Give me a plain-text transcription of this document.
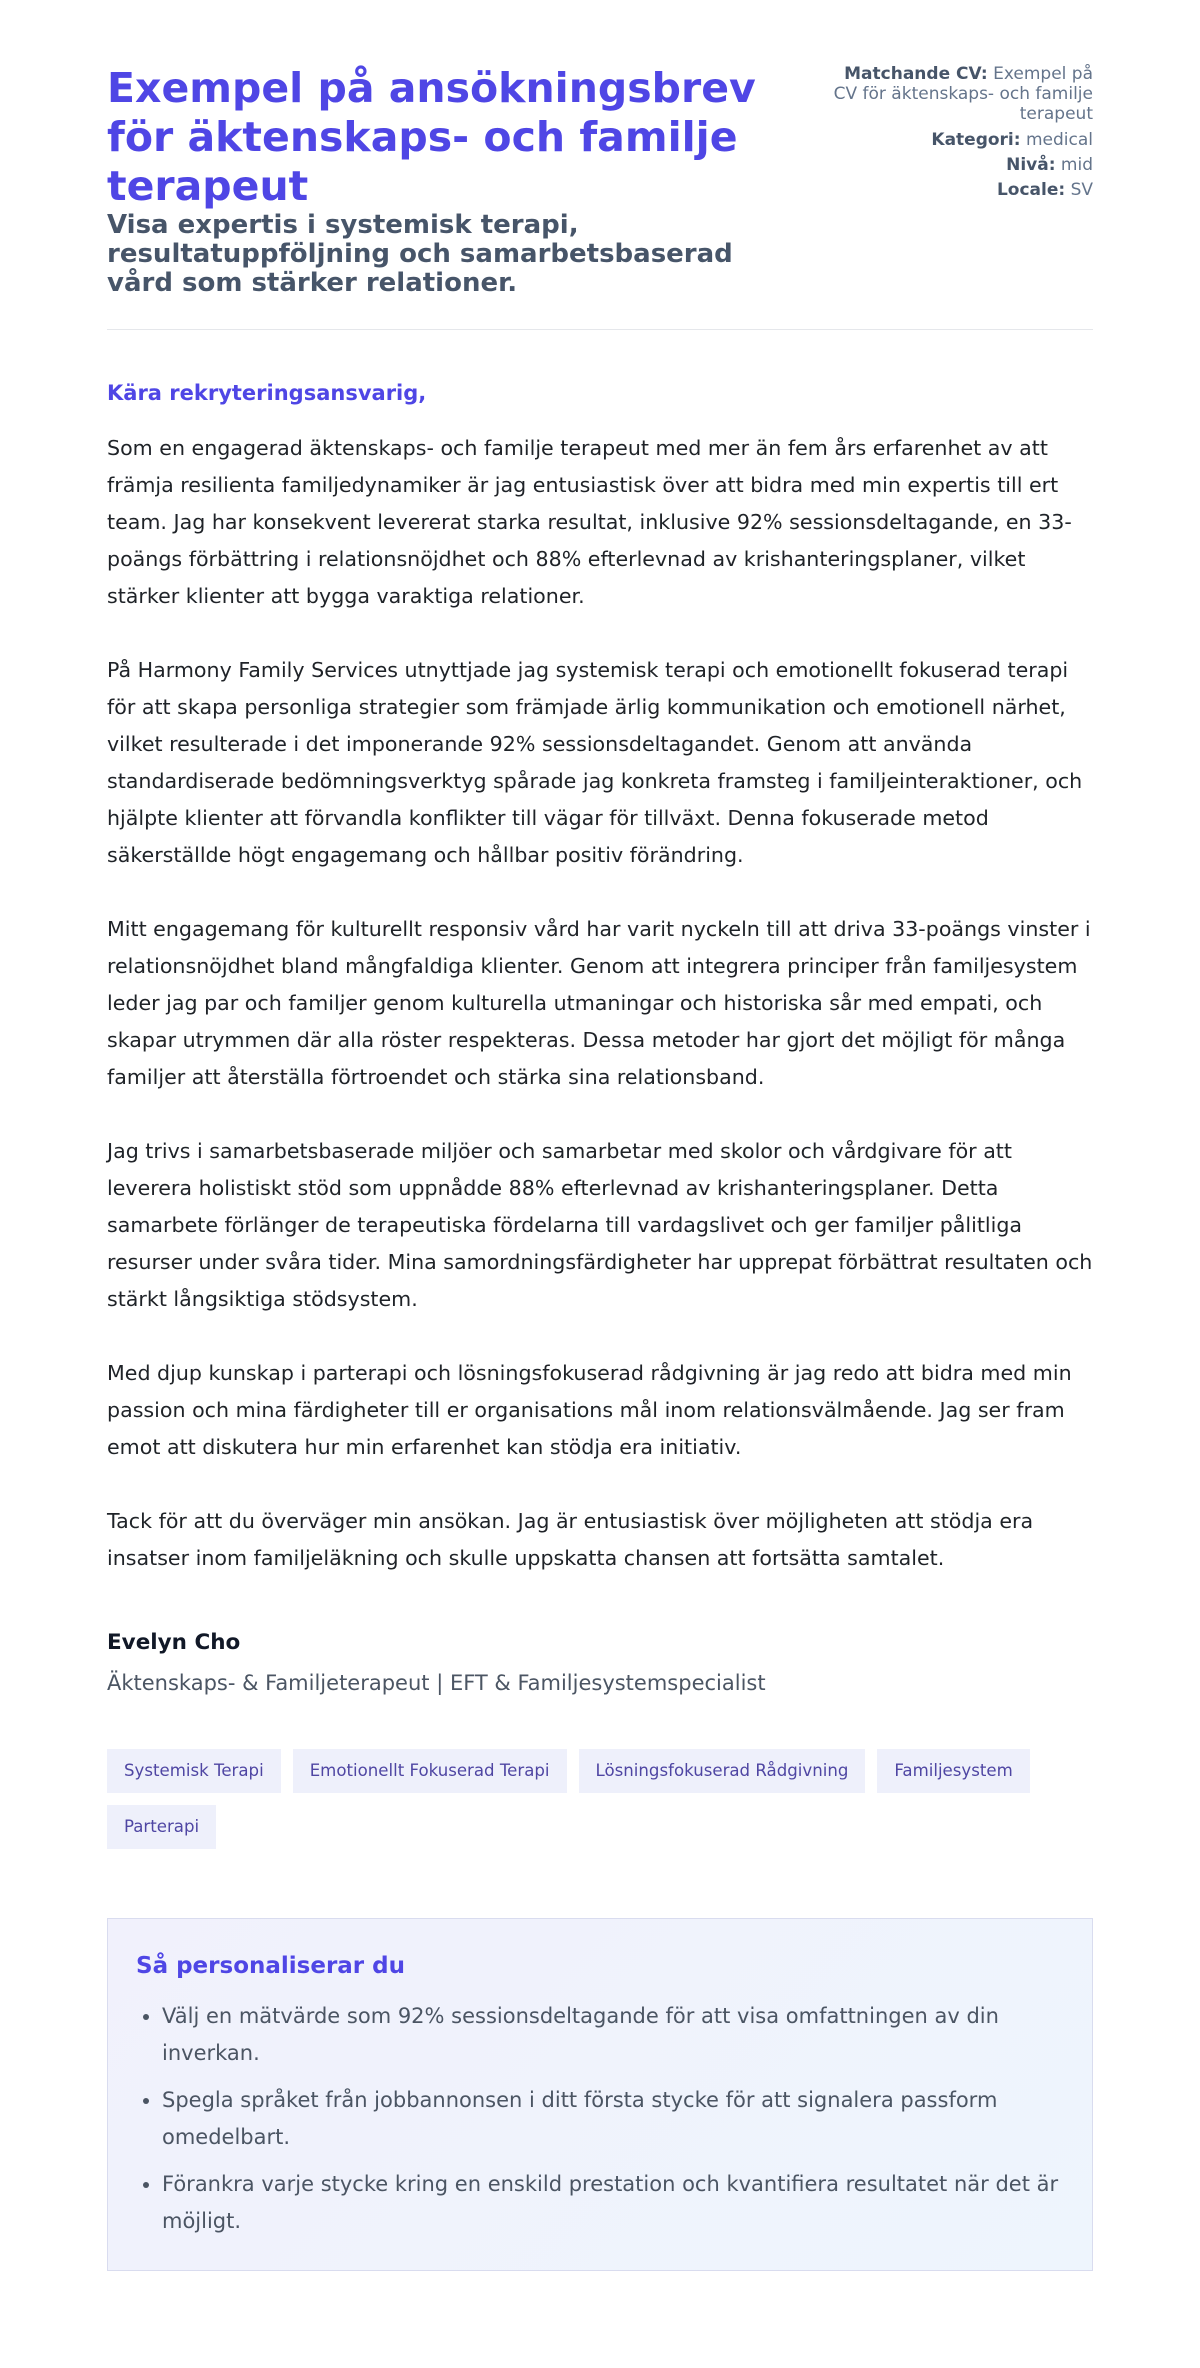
Exempel på ansökningsbrev för äktenskaps- och familje terapeut
Visa expertis i systemisk terapi, resultatuppföljning och samarbetsbaserad vård som stärker relationer.
Matchande CV: Exempel på CV för äktenskaps- och familje terapeut
Kategori: medical
Nivå: mid
Locale: SV

Kära rekryteringsansvarig,

Som en engagerad äktenskaps- och familje terapeut med mer än fem års erfarenhet av att främja resilienta familjedynamiker är jag entusiastisk över att bidra med min expertis till ert team. Jag har konsekvent levererat starka resultat, inklusive 92% sessionsdeltagande, en 33-poängs förbättring i relationsnöjdhet och 88% efterlevnad av krishanteringsplaner, vilket stärker klienter att bygga varaktiga relationer.

På Harmony Family Services utnyttjade jag systemisk terapi och emotionellt fokuserad terapi för att skapa personliga strategier som främjade ärlig kommunikation och emotionell närhet, vilket resulterade i det imponerande 92% sessionsdeltagandet. Genom att använda standardiserade bedömningsverktyg spårade jag konkreta framsteg i familjeinteraktioner, och hjälpte klienter att förvandla konflikter till vägar för tillväxt. Denna fokuserade metod säkerställde högt engagemang och hållbar positiv förändring.

Mitt engagemang för kulturellt responsiv vård har varit nyckeln till att driva 33-poängs vinster i relationsnöjdhet bland mångfaldiga klienter. Genom att integrera principer från familjesystem leder jag par och familjer genom kulturella utmaningar och historiska sår med empati, och skapar utrymmen där alla röster respekteras. Dessa metoder har gjort det möjligt för många familjer att återställa förtroendet och stärka sina relationsband.

Jag trivs i samarbetsbaserade miljöer och samarbetar med skolor och vårdgivare för att leverera holistiskt stöd som uppnådde 88% efterlevnad av krishanteringsplaner. Detta samarbete förlänger de terapeutiska fördelarna till vardagslivet och ger familjer pålitliga resurser under svåra tider. Mina samordningsfärdigheter har upprepat förbättrat resultaten och stärkt långsiktiga stödsystem.

Med djup kunskap i parterapi och lösningsfokuserad rådgivning är jag redo att bidra med min passion och mina färdigheter till er organisations mål inom relationsvälmående. Jag ser fram emot att diskutera hur min erfarenhet kan stödja era initiativ.

Tack för att du överväger min ansökan. Jag är entusiastisk över möjligheten att stödja era insatser inom familjeläkning och skulle uppskatta chansen att fortsätta samtalet.

Evelyn Cho
Äktenskaps- & Familjeterapeut | EFT & Familjesystemspecialist
Systemisk Terapi	Emotionellt Fokuserad Terapi	Lösningsfokuserad Rådgivning	Familjesystem
Parterapi
Så personaliserar du
• Välj en mätvärde som 92% sessionsdeltagande för att visa omfattningen av din inverkan.
• Spegla språket från jobbannonsen i ditt första stycke för att signalera passform omedelbart.
• Förankra varje stycke kring en enskild prestation och kvantifiera resultatet när det är möjligt.
